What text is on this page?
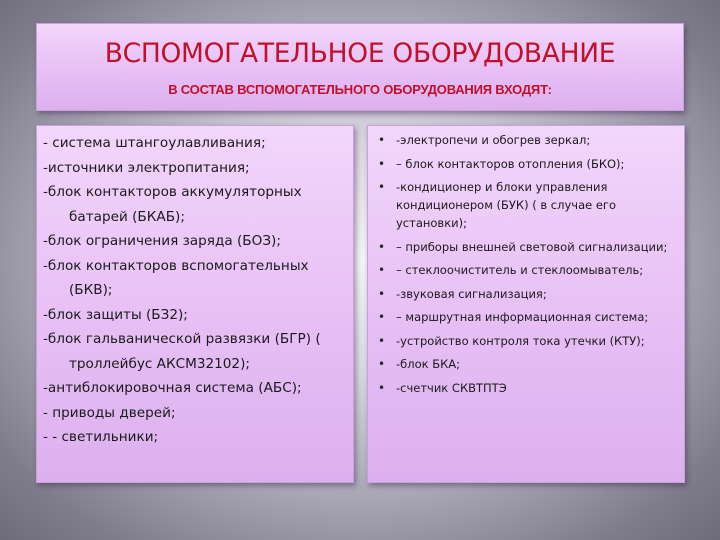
ВСПОМОГАТЕЛЬНОЕ ОБОРУДОВАНИЕ
В СОСТАВ ВСПОМОГАТЕЛЬНОГО ОБОРУДОВАНИЯ ВХОДЯТ:
- система штангоулавливания;
-источники электропитания;
-блок контакторов аккумуляторных батарей (БКАБ);
-блок ограничения заряда (БОЗ);
-блок контакторов вспомогательных (БКВ);
-блок защиты (БЗ2);
-блок гальванической развязки (БГР) ( троллейбус АКСМ32102);
-антиблокировочная система (АБС);
- приводы дверей;
- - светильники;
• -электропечи и обогрев зеркал;
• – блок контакторов отопления (БКО);
• -кондиционер и блоки управления кондиционером (БУК) ( в случае его установки);
• – приборы внешней световой сигнализации;
• – стеклоочиститель и стеклоомыватель;
• -звуковая сигнализация;
• – маршрутная информационная система;
• -устройство контроля тока утечки (КТУ);
• -блок БКА;
• -счетчик СКВТПТЭ
